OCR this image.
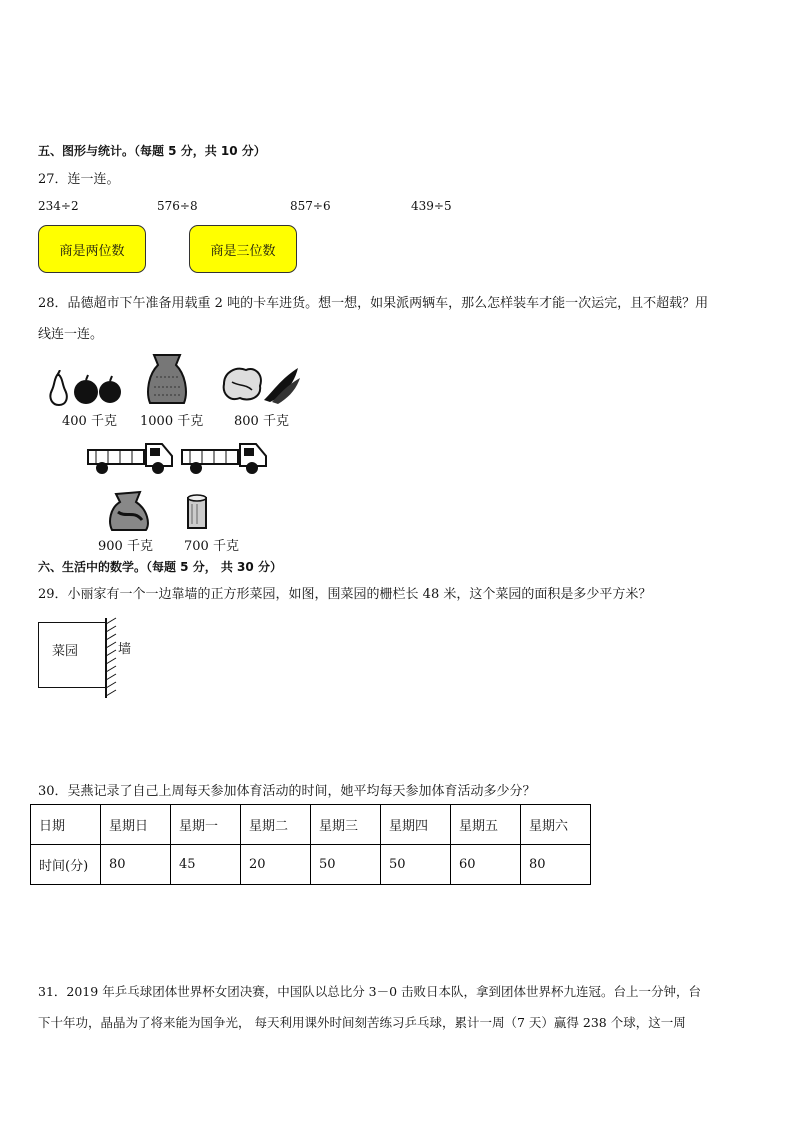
五、图形与统计。（每题 5 分，共 10 分）
27．连一连。
234÷2	576÷8	857÷6	439÷5
商是两位数	商是三位数
28．品德超市下午准备用载重 2 吨的卡车进货。想一想，如果派两辆车，那么怎样装车才能一次运完，且不超载？用
线连一连。
400 千克 1000 千克 800 千克
900 千克 700 千克
六、生活中的数学。（每题 5 分， 共 30 分）
29．小丽家有一个一边靠墙的正方形菜园，如图，围菜园的栅栏长 48 米，这个菜园的面积是多少平方米？
菜园	墙
30．吴燕记录了自己上周每天参加体育活动的时间，她平均每天参加体育活动多少分？
日期	星期日	星期一	星期二	星期三	星期四	星期五	星期六
时间(分)	80	45	20	50	50	60	80
31．2019 年乒乓球团体世界杯女团决赛，中国队以总比分 3－0 击败日本队，拿到团体世界杯九连冠。台上一分钟，台
下十年功，晶晶为了将来能为国争光， 每天利用课外时间刻苦练习乒乓球，累计一周（7 天）赢得 238 个球，这一周
